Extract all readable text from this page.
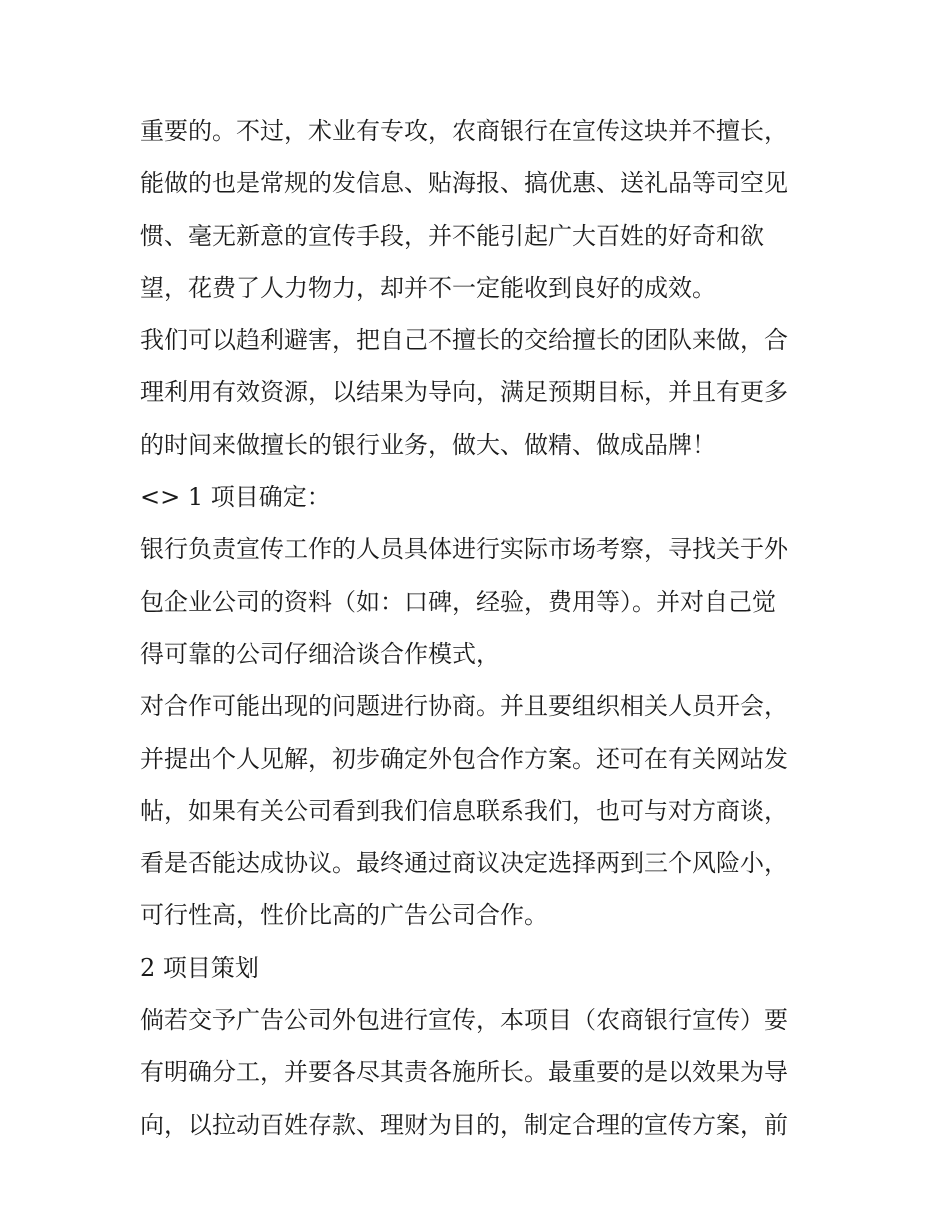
重要的。不过，术业有专攻，农商银行在宣传这块并不擅长，
能做的也是常规的发信息、贴海报、搞优惠、送礼品等司空见
惯、毫无新意的宣传手段，并不能引起广大百姓的好奇和欲
望，花费了人力物力，却并不一定能收到良好的成效。
我们可以趋利避害，把自己不擅长的交给擅长的团队来做，合
理利用有效资源，以结果为导向，满足预期目标，并且有更多
的时间来做擅长的银行业务，做大、做精、做成品牌！
<> 1 项目确定：
银行负责宣传工作的人员具体进行实际市场考察，寻找关于外
包企业公司的资料（如：口碑，经验，费用等）。并对自己觉
得可靠的公司仔细洽谈合作模式，
对合作可能出现的问题进行协商。并且要组织相关人员开会，
并提出个人见解，初步确定外包合作方案。还可在有关网站发
帖，如果有关公司看到我们信息联系我们，也可与对方商谈，
看是否能达成协议。最终通过商议决定选择两到三个风险小，
可行性高，性价比高的广告公司合作。
2 项目策划
倘若交予广告公司外包进行宣传，本项目（农商银行宣传）要
有明确分工，并要各尽其责各施所长。最重要的是以效果为导
向，以拉动百姓存款、理财为目的，制定合理的宣传方案，前
